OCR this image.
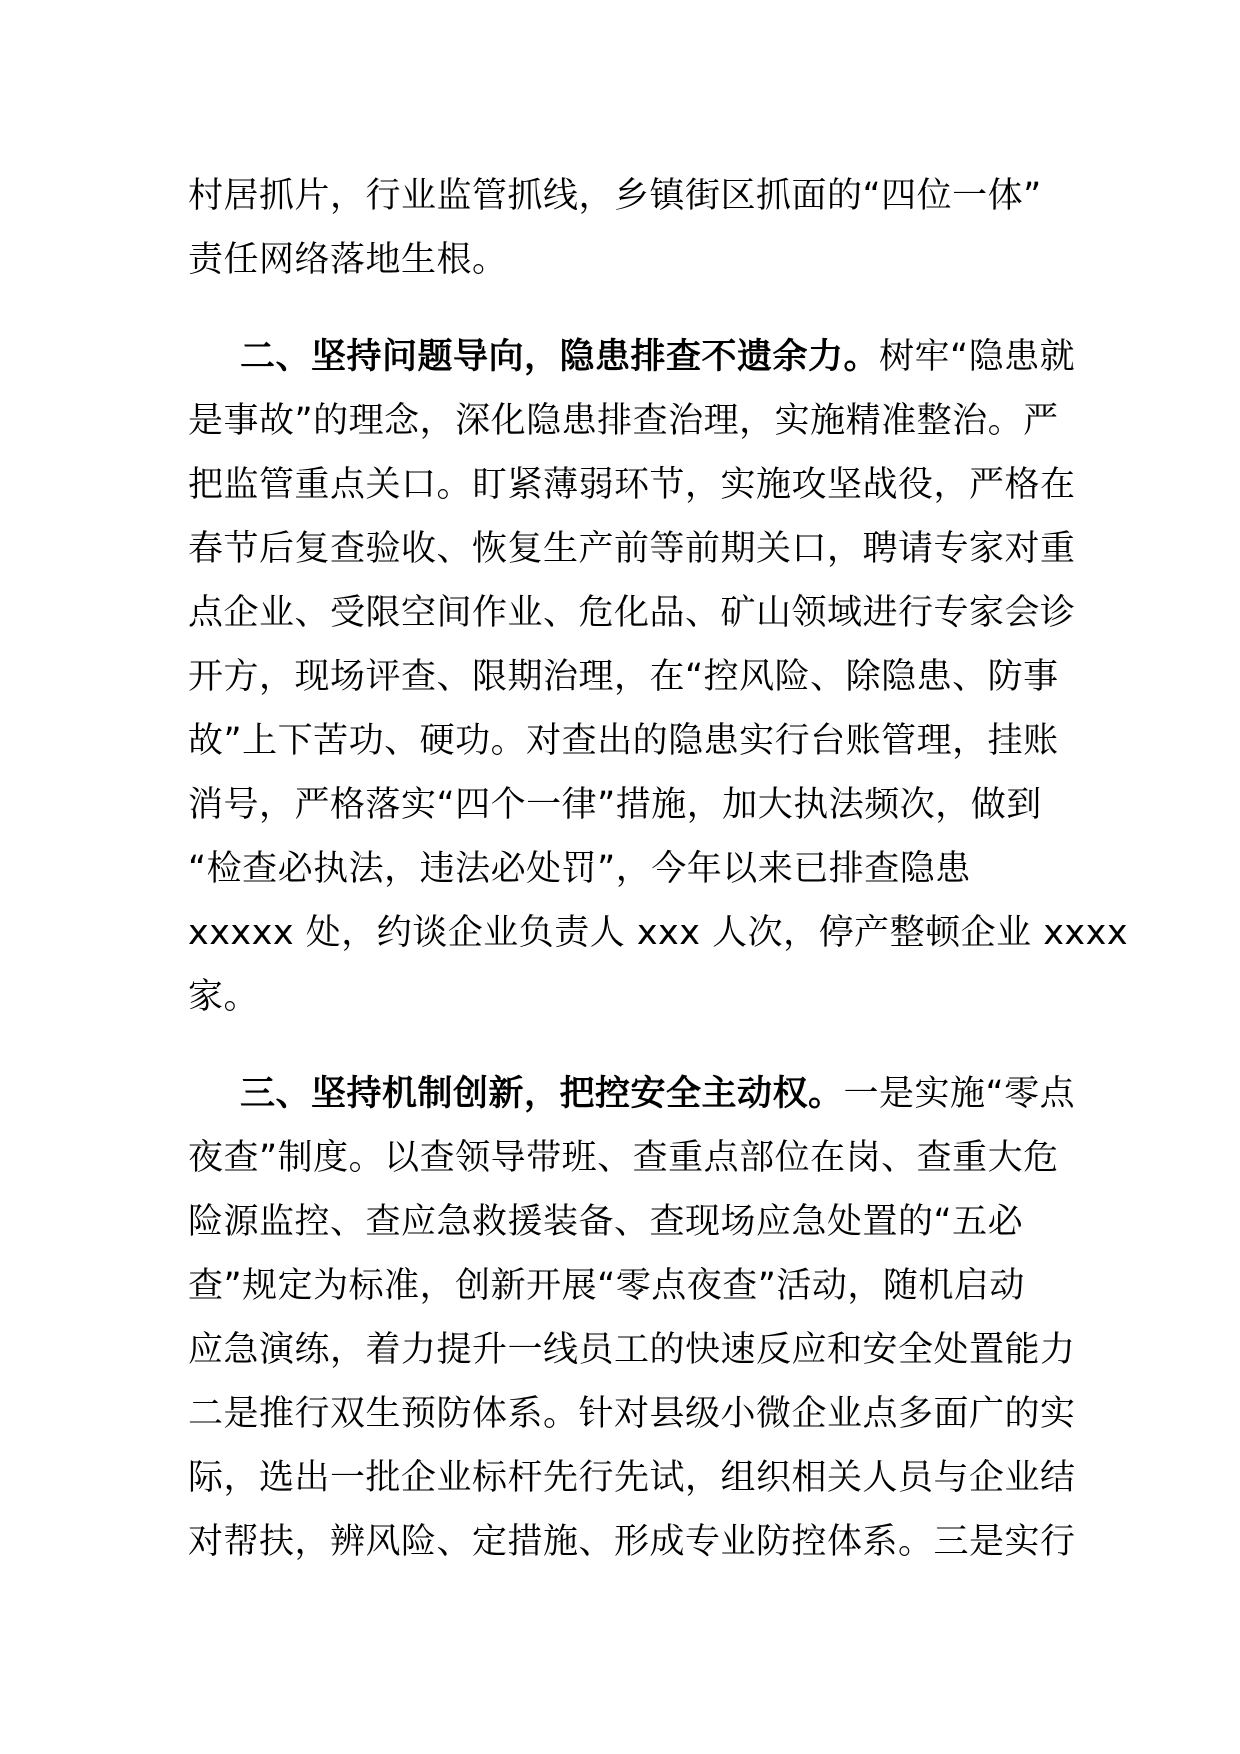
村居抓片，行业监管抓线，乡镇街区抓面的“四位一体”
责任网络落地生根。
二、坚持问题导向，隐患排查不遗余力。树牢“隐患就
是事故”的理念，深化隐患排查治理，实施精准整治。严
把监管重点关口。盯紧薄弱环节，实施攻坚战役，严格在
春节后复查验收、恢复生产前等前期关口，聘请专家对重
点企业、受限空间作业、危化品、矿山领域进行专家会诊
开方，现场评查、限期治理，在“控风险、除隐患、防事
故”上下苦功、硬功。对查出的隐患实行台账管理，挂账
消号，严格落实“四个一律”措施，加大执法频次，做到
“检查必执法，违法必处罚”，今年以来已排查隐患
xxxxx 处，约谈企业负责人 xxx 人次，停产整顿企业 xxxx
家。
三、坚持机制创新，把控安全主动权。一是实施“零点
夜查”制度。以查领导带班、查重点部位在岗、查重大危
险源监控、查应急救援装备、查现场应急处置的“五必
查”规定为标准，创新开展“零点夜查”活动，随机启动
应急演练，着力提升一线员工的快速反应和安全处置能力
二是推行双生预防体系。针对县级小微企业点多面广的实
际，选出一批企业标杆先行先试，组织相关人员与企业结
对帮扶，辨风险、定措施、形成专业防控体系。三是实行
